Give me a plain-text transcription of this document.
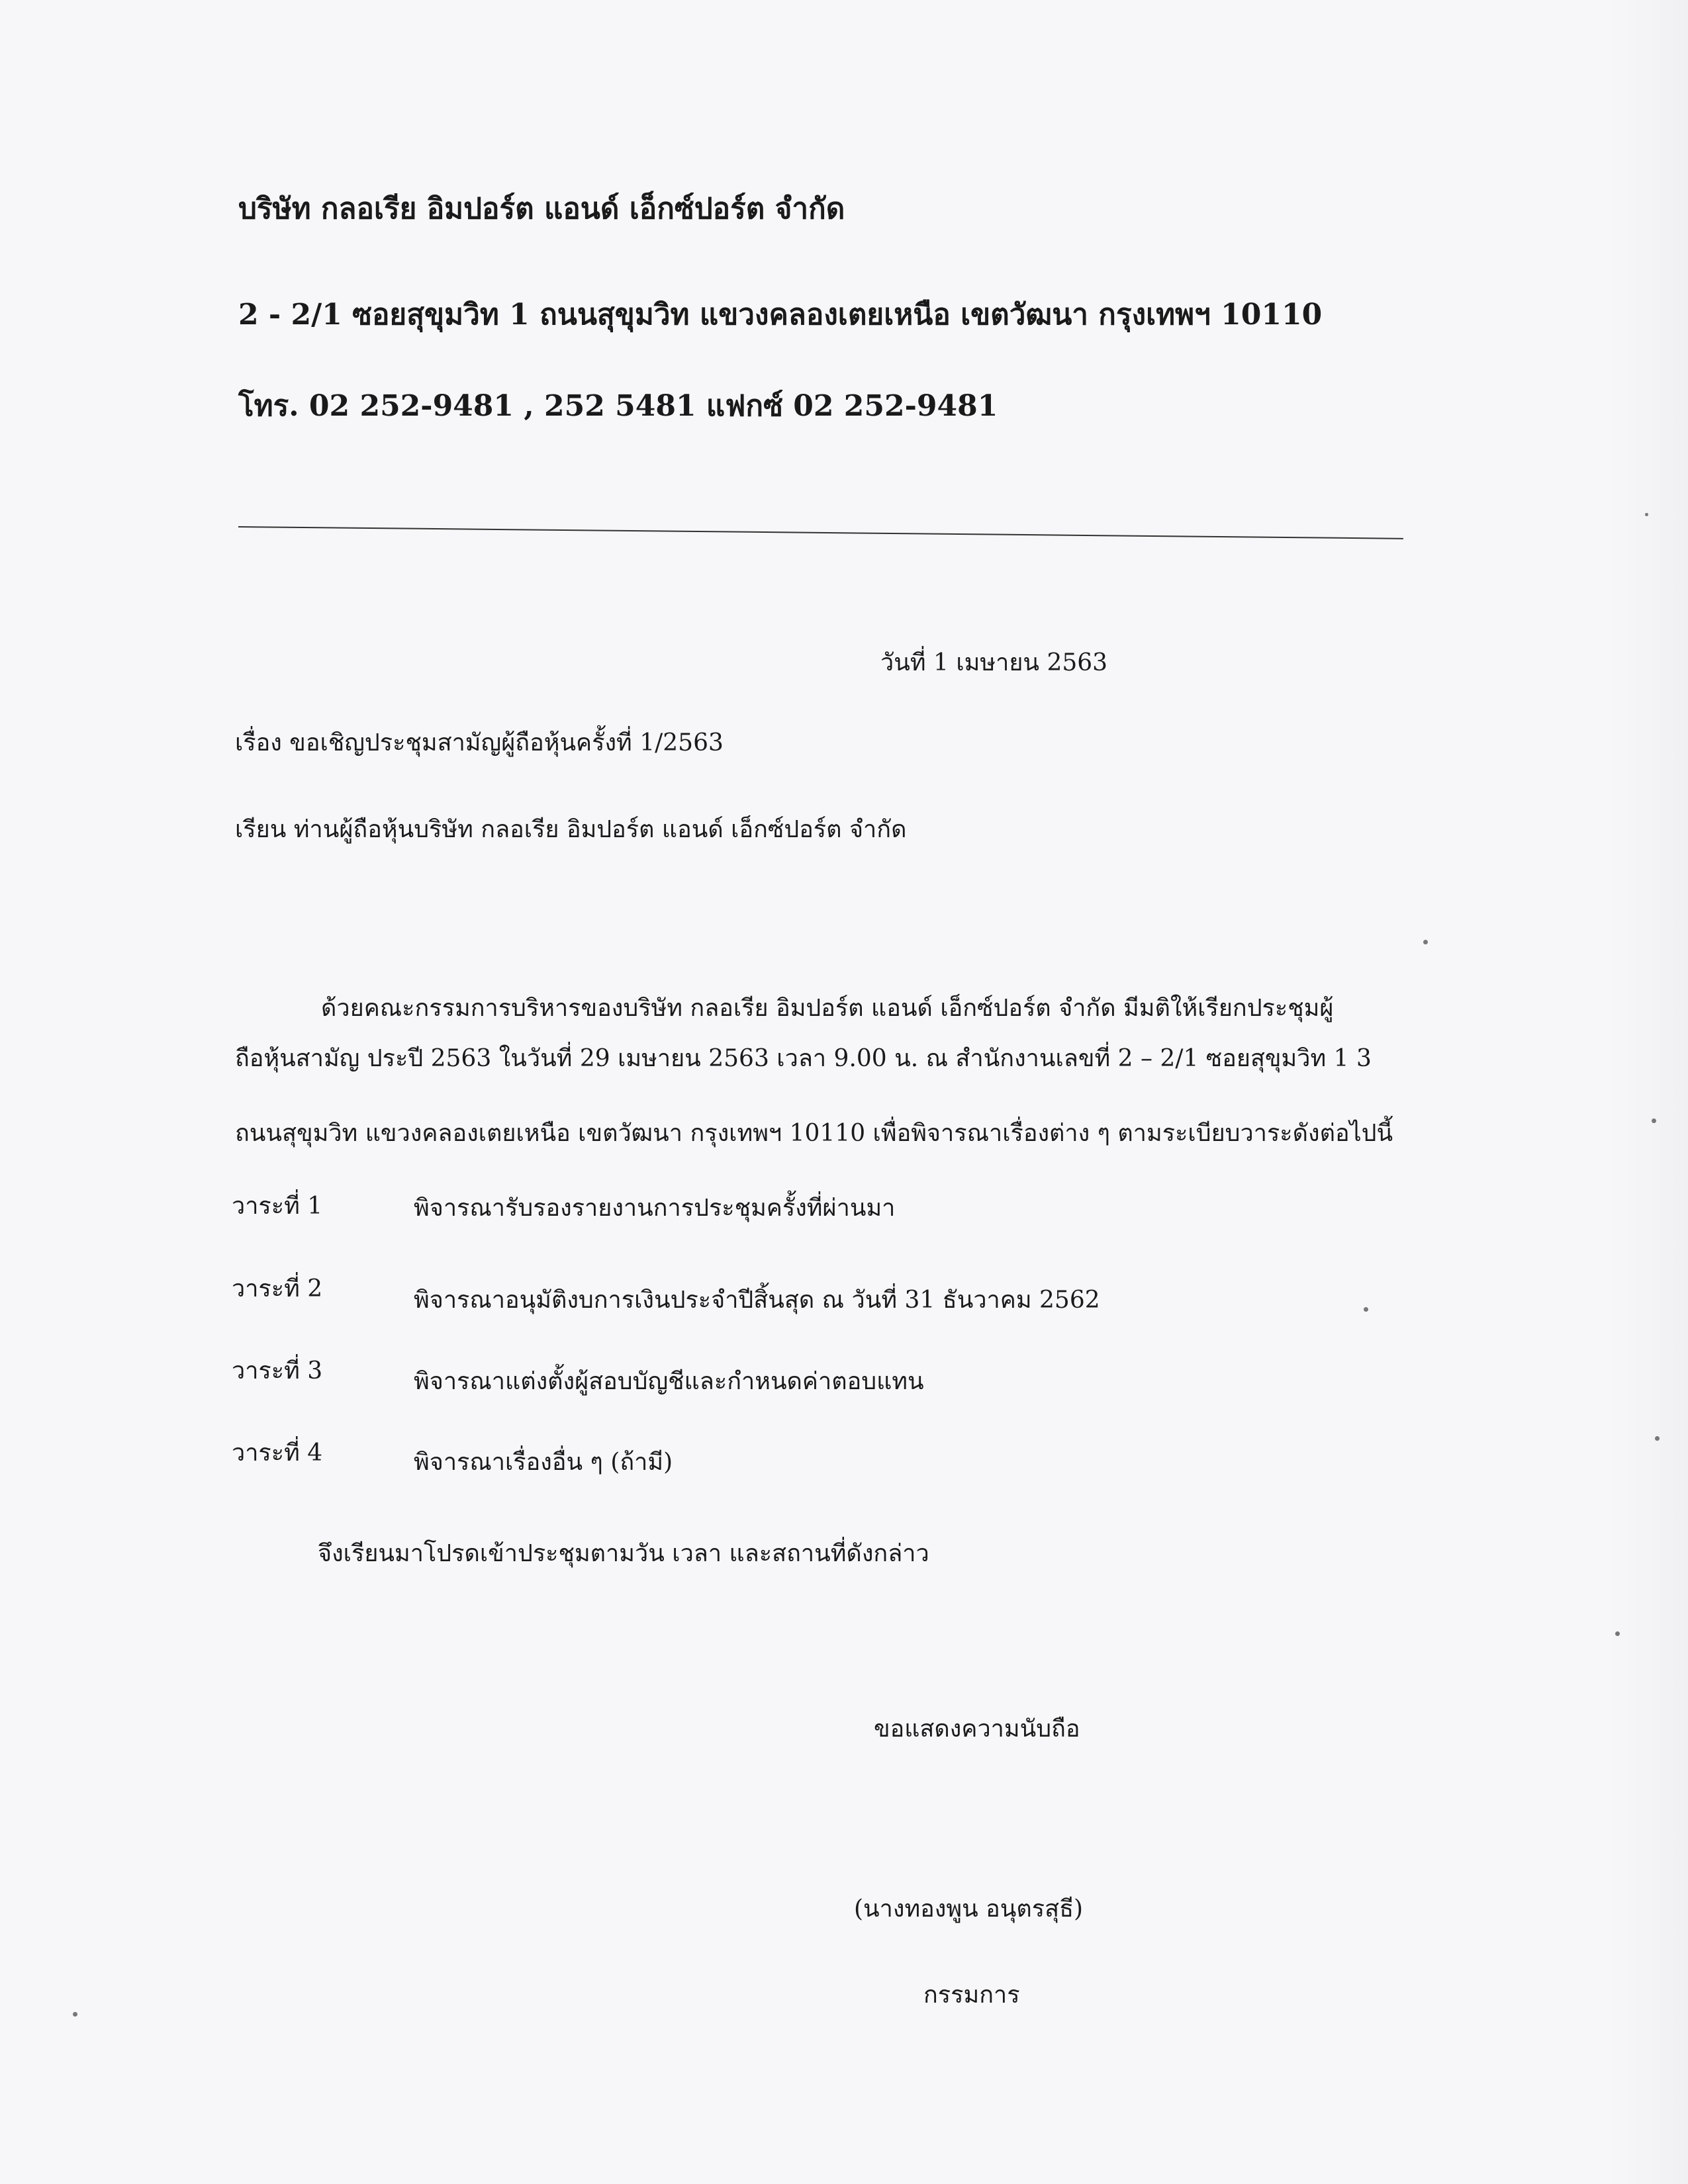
บริษัท กลอเรีย อิมปอร์ต แอนด์ เอ็กซ์ปอร์ต จำกัด
2 - 2/1 ซอยสุขุมวิท 1 ถนนสุขุมวิท แขวงคลองเตยเหนือ เขตวัฒนา กรุงเทพฯ 10110
โทร. 02 252-9481 , 252 5481 แฟกซ์ 02 252-9481
วันที่ 1 เมษายน 2563
เรื่อง ขอเชิญประชุมสามัญผู้ถือหุ้นครั้งที่ 1/2563
เรียน ท่านผู้ถือหุ้นบริษัท กลอเรีย อิมปอร์ต แอนด์ เอ็กซ์ปอร์ต จำกัด
ด้วยคณะกรรมการบริหารของบริษัท กลอเรีย อิมปอร์ต แอนด์ เอ็กซ์ปอร์ต จำกัด มีมติให้เรียกประชุมผู้
ถือหุ้นสามัญ ประปี 2563 ในวันที่ 29 เมษายน 2563 เวลา 9.00 น. ณ สำนักงานเลขที่ 2 – 2/1 ซอยสุขุมวิท 1 3
ถนนสุขุมวิท แขวงคลองเตยเหนือ เขตวัฒนา กรุงเทพฯ 10110 เพื่อพิจารณาเรื่องต่าง ๆ ตามระเบียบวาระดังต่อไปนี้
วาระที่ 1	พิจารณารับรองรายงานการประชุมครั้งที่ผ่านมา
วาระที่ 2	พิจารณาอนุมัติงบการเงินประจำปีสิ้นสุด ณ วันที่ 31 ธันวาคม 2562
วาระที่ 3	พิจารณาแต่งตั้งผู้สอบบัญชีและกำหนดค่าตอบแทน
วาระที่ 4	พิจารณาเรื่องอื่น ๆ (ถ้ามี)
จึงเรียนมาโปรดเข้าประชุมตามวัน เวลา และสถานที่ดังกล่าว
ขอแสดงความนับถือ
(นางทองพูน อนุตรสุธี)
กรรมการ
